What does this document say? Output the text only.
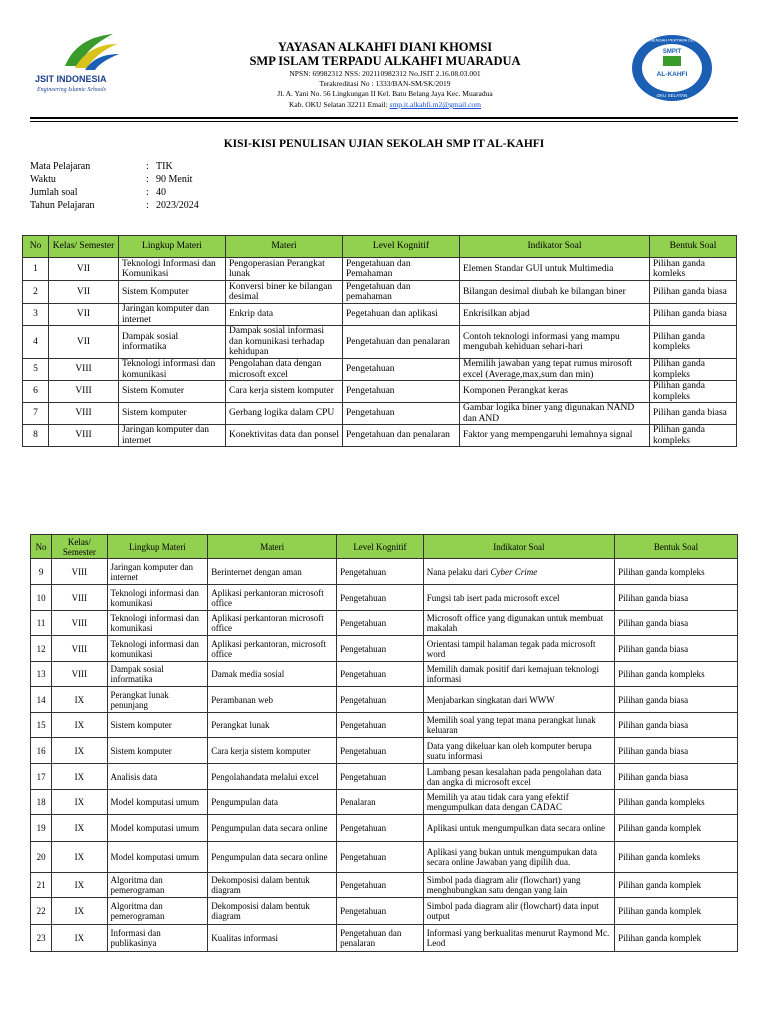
JSIT INDONESIA
Engineering Islamic Schools
SEKOLAH MENENGAH PERTAMA ISLAM TERPADU
OKU SELATAN
SMPIT
AL-KAHFI
YAYASAN ALKAHFI DIANI KHOMSI
SMP ISLAM TERPADU ALKAHFI MUARADUA
NPSN: 69982312 NSS: 202110982312 No.JSIT 2.16.08.03.001
Terakreditasi No : 1333/BAN-SM/SK/2019
Jl. A. Yani No. 56 Lingkungan II Kel. Batu Belang Jaya Kec. Muaradua
Kab. OKU Selatan 32211 Email: smp.it.alkahfi.m2@gmail.com
KISI-KISI PENULISAN UJIAN SEKOLAH SMP IT AL-KAHFI
Mata Pelajaran	: TIK
Waktu	: 90 Menit
Jumlah soal	: 40
Tahun Pelajaran	: 2023/2024
No	Kelas/ Semester	Lingkup Materi	Materi	Level Kognitif	Indikator Soal	Bentuk Soal
1	VII	Teknologi Informasi dan Komunikasi	Pengoperasian Perangkat lunak	Pengetahuan dan Pemahaman	Elemen Standar GUI untuk Multimedia	Pilihan ganda komleks
2	VII	Sistem Komputer	Konversi biner ke bilangan desimal	Pengetahuan dan pemahaman	Bilangan desimal diubah ke bilangan biner	Pilihan ganda biasa
3	VII	Jaringan komputer dan internet	Enkrip data	Pegetahuan dan aplikasi	Enkrisilkan abjad	Pilihan ganda biasa
4	VII	Dampak sosial informatika	Dampak sosial informasi dan komunikasi terhadap kehidupan	Pengetahuan dan penalaran	Contoh teknologi informasi yang mampu mengubah kehiduan sehari-hari	Pilihan ganda kompleks
5	VIII	Teknologi informasi dan komunikasi	Pengolahan data dengan microsoft excel	Pengetahuan	Memilih jawaban yang tepat rumus mirosoft excel (Average,max,sum dan min)	Pilihan ganda kompleks
6	VIII	Sistem Komuter	Cara kerja sistem komputer	Pengetahuan	Komponen Perangkat keras	Pilihan ganda kompleks
7	VIII	Sistem komputer	Gerbang logika dalam CPU	Pengetahuan	Gambar logika biner yang digunakan NAND dan AND	Pilihan ganda biasa
8	VIII	Jaringan komputer dan internet	Konektivitas data dan ponsel	Pengetahuan dan penalaran	Faktor yang mempengaruhi lemahnya signal	Pilihan ganda kompleks
No	Kelas/ Semester	Lingkup Materi	Materi	Level Kognitif	Indikator Soal	Bentuk Soal
9	VIII	Jaringan komputer dan internet	Berinternet dengan aman	Pengetahuan	Nana pelaku dari Cyber Crime	Pilihan ganda kompleks
10	VIII	Teknologi informasi dan komunikasi	Aplikasi perkantoran microsoft office	Pengetahuan	Fungsi tab isert pada microsoft excel	Pilihan ganda biasa
11	VIII	Teknologi informasi dan komunikasi	Aplikasi perkantoran microsoft office	Pengetahuan	Microsoft office yang digunakan untuk membuat makalah	Pilihan ganda biasa
12	VIII	Teknologi informasi dan komunikasi	Aplikasi perkantoran, microsoft office	Pengetahuan	Orientasi tampil halaman tegak pada microsoft word	Pilihan ganda biasa
13	VIII	Dampak sosial informatika	Damak media sosial	Pengetahuan	Memilih damak positif dari kemajuan teknologi informasi	Pilihan ganda kompleks
14	IX	Perangkat lunak penunjang	Perambanan web	Pengetahuan	Menjabarkan singkatan dari WWW	Pilihan ganda biasa
15	IX	Sistem komputer	Perangkat lunak	Pengetahuan	Memilih soal yang tepat mana perangkat lunak keluaran	Pilihan ganda biasa
16	IX	Sistem komputer	Cara kerja sistem komputer	Pengetahuan	Data yang dikeluar kan oleh komputer berupa suatu informasi	Pilihan ganda biasa
17	IX	Analisis data	Pengolahandata melalui excel	Pengetahuan	Lambang pesan kesalahan pada pengolahan data dan angka di microsoft excel	Pilihan ganda biasa
18	IX	Model komputasi umum	Pengumpulan data	Penalaran	Memilih ya atau tidak cara yang efektif mengumpulkan data dengan CADAC	Pilihan ganda kompleks
19	IX	Model komputasi umum	Pengumpulan data secara online	Pengetahuan	Aplikasi untuk mengumpulkan data secara online	Pilihan ganda komplek
20	IX	Model komputasi umum	Pengumpulan data secara online	Pengetahuan	Aplikasi yang bukan untuk mengumpukan data secara online Jawaban yang dipilih dua.	Pilihan ganda komleks
21	IX	Algoritma dan pemerograman	Dekomposisi dalam bentuk diagram	Pengetahuan	Simbol pada diagram alir (flowchart) yang menghubungkan satu dengan yang lain	Pilihan ganda komplek
22	IX	Algoritma dan pemerograman	Dekomposisi dalam bentuk diagram	Pengetahuan	Simbol pada diagram alir (flowchart) data input output	Pilihan ganda komplek
23	IX	Informasi dan publikasinya	Kualitas informasi	Pengetahuan dan penalaran	Informasi yang berkualitas menurut Raymond Mc. Leod	Pilihan ganda komplek
